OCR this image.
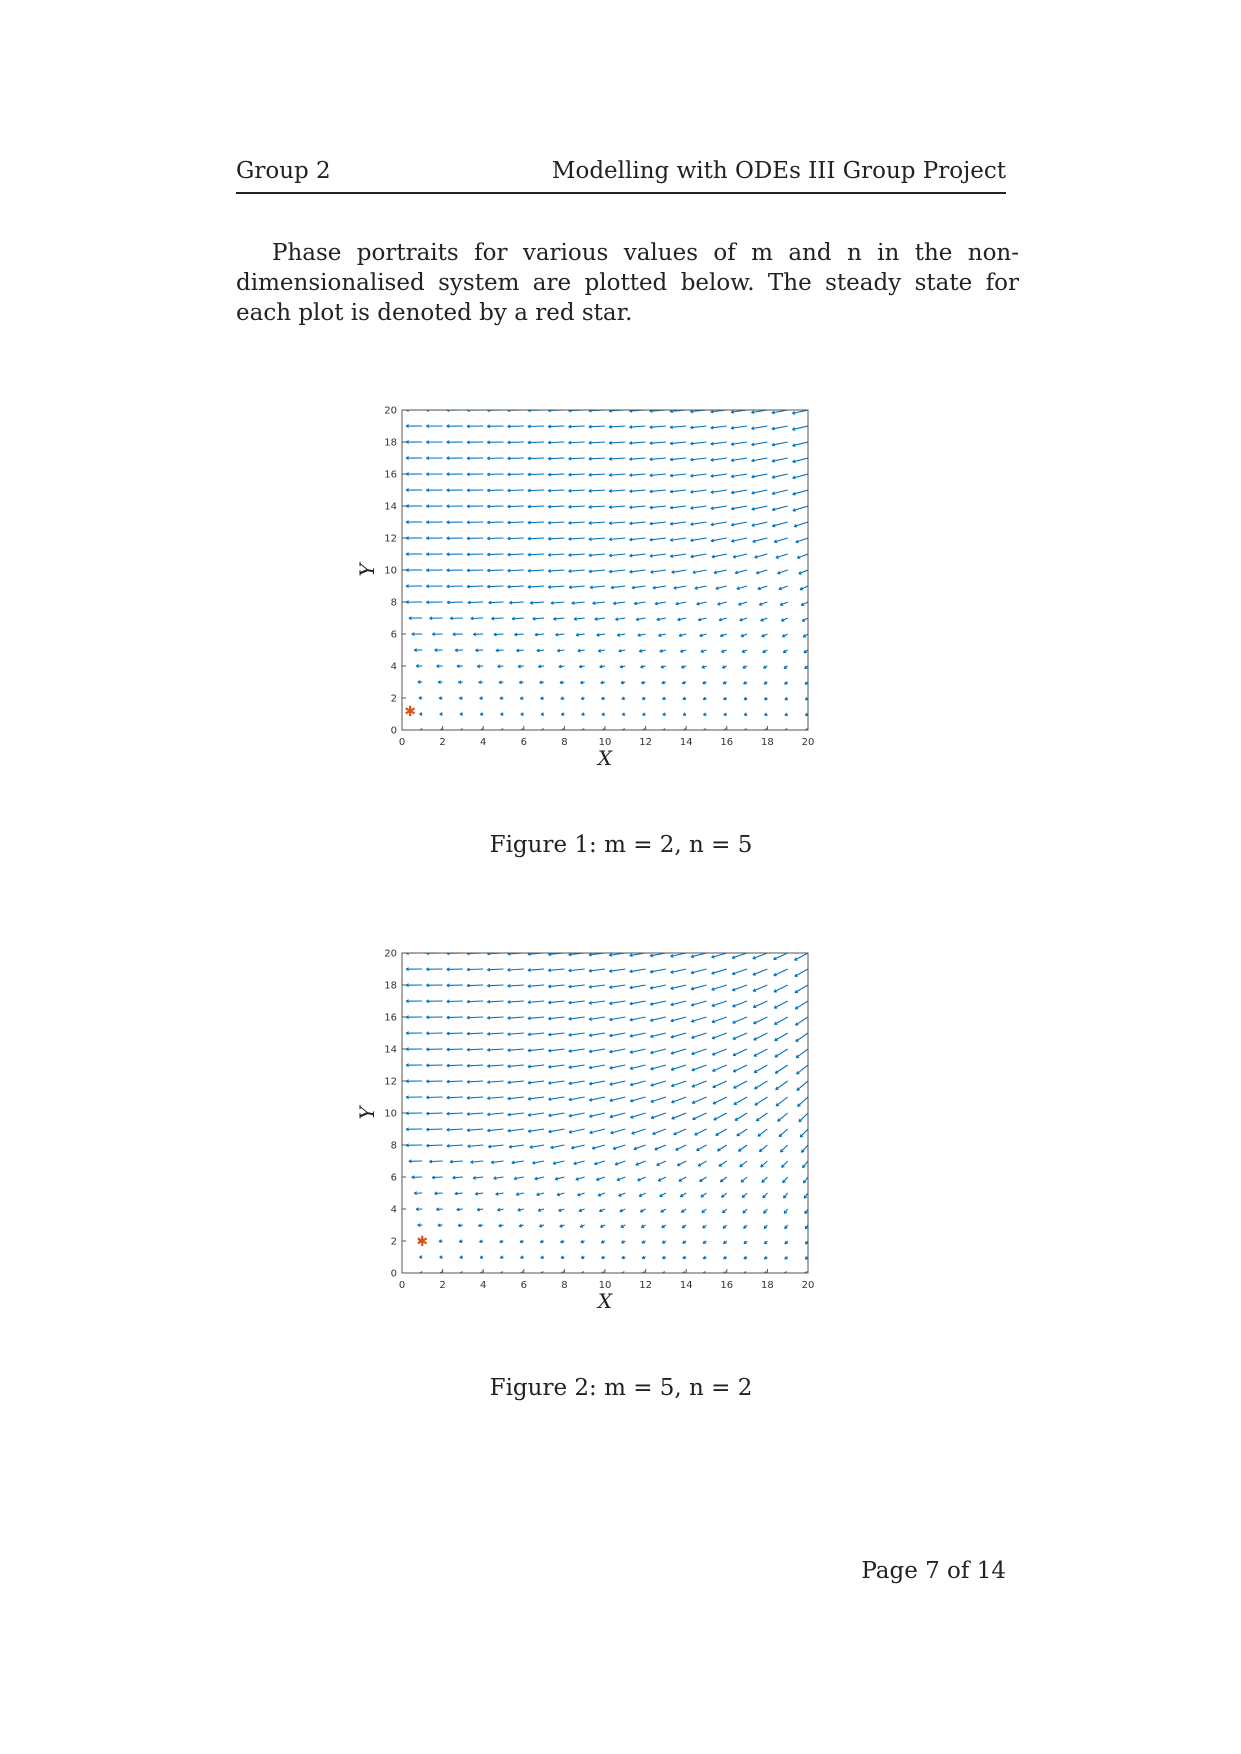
Group 2	Modelling with ODEs III Group Project

Phase portraits for various values of m and n in the non-dimensionalised system are plotted below. The steady state for each plot is denoted by a red star.

0	2	4	6	8	10	12	14	16	18	20
0
2
4
6
8
10
12
14
16
18
20
X
Y
✱
Figure 1: m = 2, n = 5
0	2	4	6	8	10	12	14	16	18	20
0
2
4
6
8
10
12
14
16
18
20
X
Y
✱
Figure 2: m = 5, n = 2
Page 7 of 14
